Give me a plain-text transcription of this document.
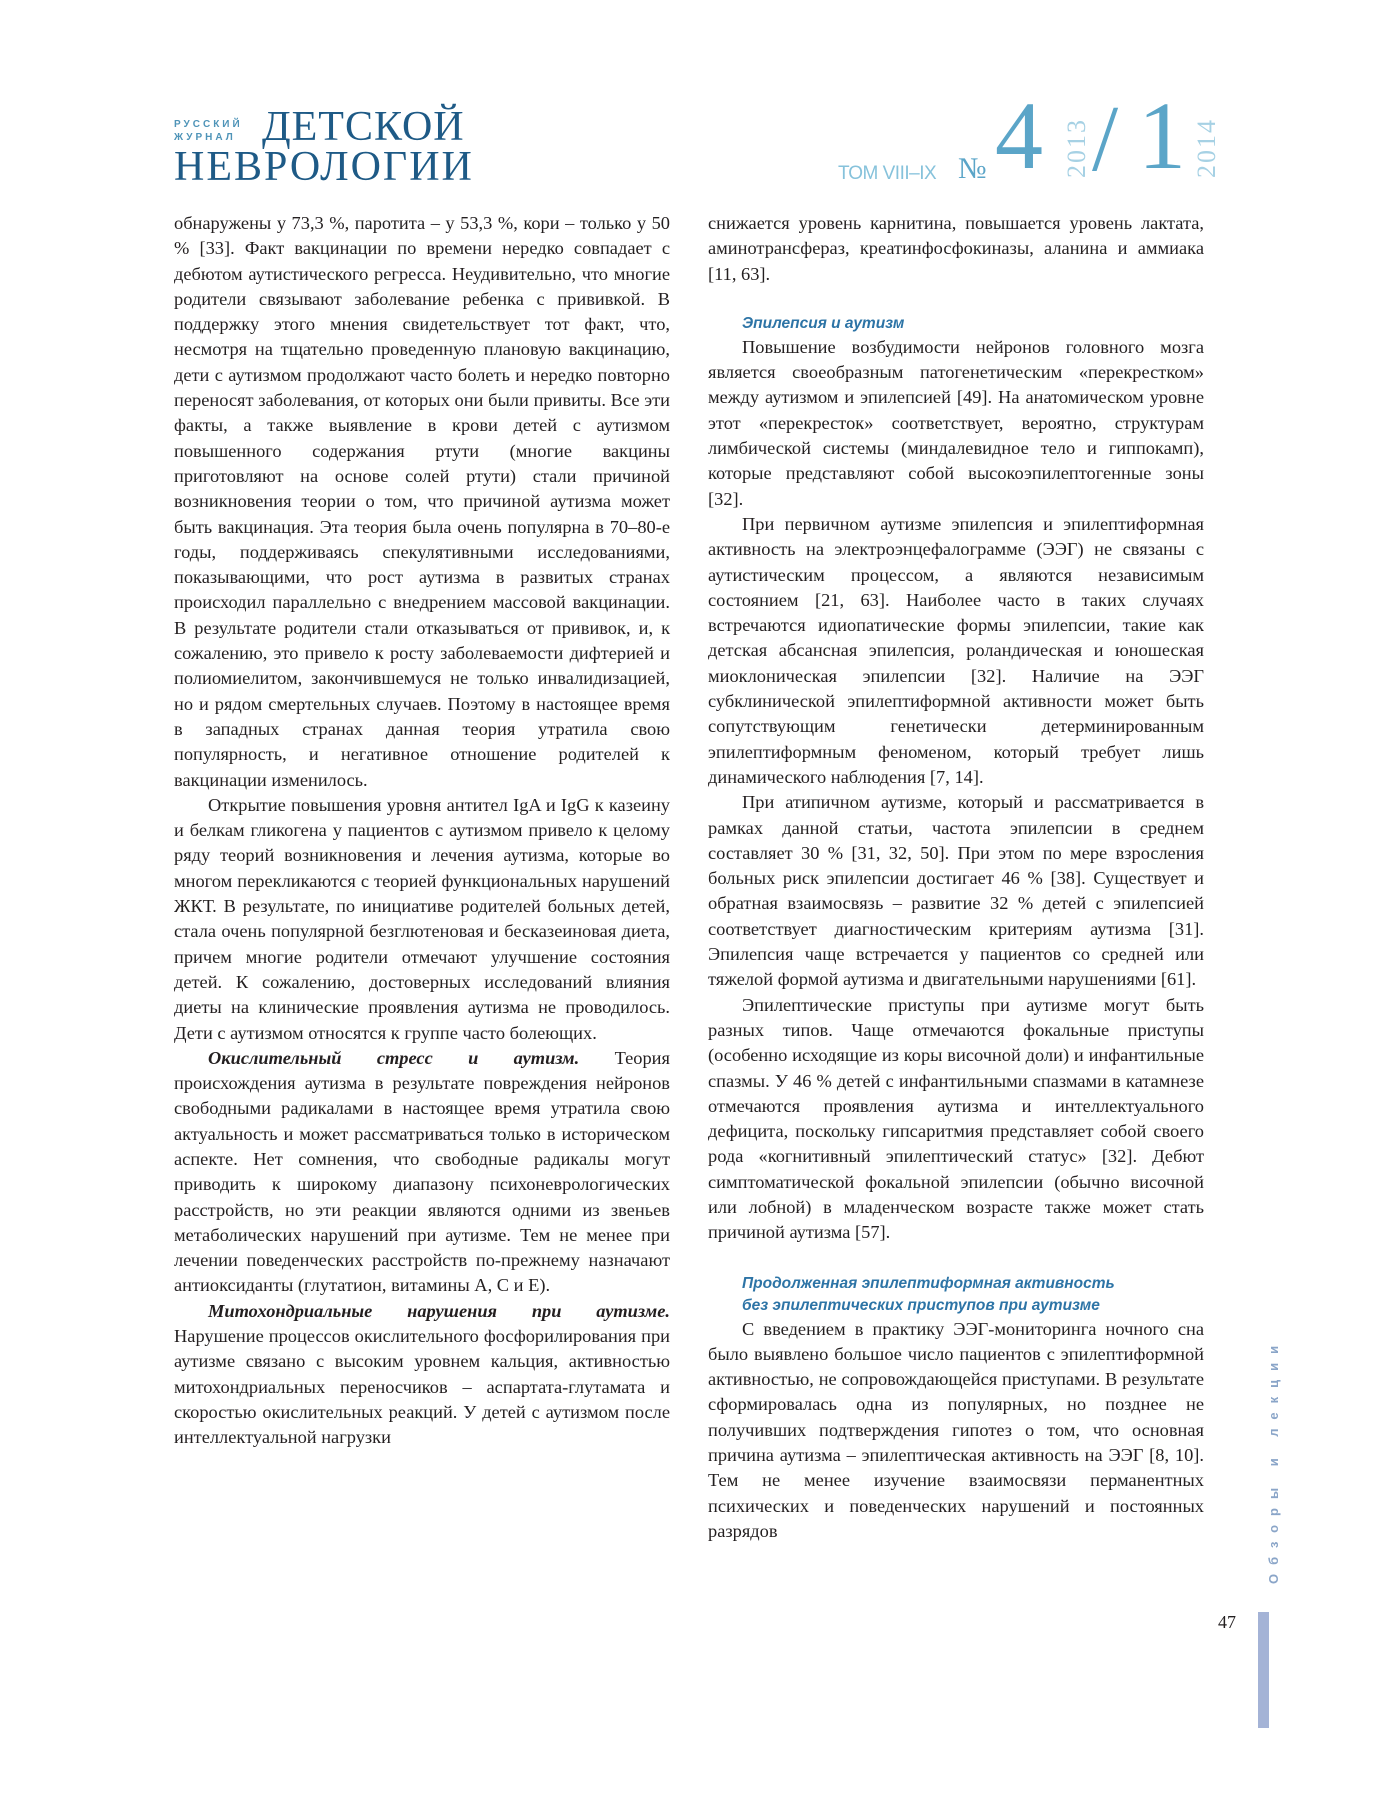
РУССКИЙ ЖУРНАЛ ДЕТСКОЙ
НЕВРОЛОГИИ	ТОМ VIII–IX № 4 2013 / 1 2014

обнаружены у 73,3 %, паротита – у 53,3 %, кори – только у 50 % [33]. Факт вакцинации по времени нередко совпадает с дебютом аутистического регресса. Неудивительно, что многие родители связывают заболевание ребенка с прививкой. В поддержку этого мнения свидетельствует тот факт, что, несмотря на тщательно проведенную плановую вакцинацию, дети с аутизмом продолжают часто болеть и нередко повторно переносят заболевания, от которых они были привиты. Все эти факты, а также выявление в крови детей с аутизмом повышенного содержания ртути (многие вакцины приготовляют на основе солей ртути) стали причиной возникновения теории о том, что причиной аутизма может быть вакцинация. Эта теория была очень популярна в 70–80-е годы, поддерживаясь спекулятивными исследованиями, показывающими, что рост аутизма в развитых странах происходил параллельно с внедрением массовой вакцинации. В результате родители стали отказываться от прививок, и, к сожалению, это привело к росту заболеваемости дифтерией и полиомиелитом, закончившемуся не только инвалидизацией, но и рядом смертельных случаев. Поэтому в настоящее время в западных странах данная теория утратила свою популярность, и негативное отношение родителей к вакцинации изменилось.

Открытие повышения уровня антител IgA и IgG к казеину и белкам гликогена у пациентов с аутизмом привело к целому ряду теорий возникновения и лечения аутизма, которые во многом перекликаются с теорией функциональных нарушений ЖКТ. В результате, по инициативе родителей больных детей, стала очень популярной безглютеновая и бесказеиновая диета, причем многие родители отмечают улучшение состояния детей. К сожалению, достоверных исследований влияния диеты на клинические проявления аутизма не проводилось. Дети с аутизмом относятся к группе часто болеющих.

Окислительный стресс и аутизм. Теория происхождения аутизма в результате повреждения нейронов свободными радикалами в настоящее время утратила свою актуальность и может рассматриваться только в историческом аспекте. Нет сомнения, что свободные радикалы могут приводить к широкому диапазону психоневрологических расстройств, но эти реакции являются одними из звеньев метаболических нарушений при аутизме. Тем не менее при лечении поведенческих расстройств по-прежнему назначают антиоксиданты (глутатион, витамины A, C и E).

Митохондриальные нарушения при аутизме. Нарушение процессов окислительного фосфорилирования при аутизме связано с высоким уровнем кальция, активностью митохондриальных переносчиков – аспартата-глутамата и скоростью окислительных реакций. У детей с аутизмом после интеллектуальной нагрузки

снижается уровень карнитина, повышается уровень лактата, аминотрансфераз, креатинфосфокиназы, аланина и аммиака [11, 63].

Эпилепсия и аутизм

Повышение возбудимости нейронов головного мозга является своеобразным патогенетическим «перекрестком» между аутизмом и эпилепсией [49]. На анатомическом уровне этот «перекресток» соответствует, вероятно, структурам лимбической системы (миндалевидное тело и гиппокамп), которые представляют собой высокоэпилептогенные зоны [32].

При первичном аутизме эпилепсия и эпилептиформная активность на электроэнцефалограмме (ЭЭГ) не связаны с аутистическим процессом, а являются независимым состоянием [21, 63]. Наиболее часто в таких случаях встречаются идиопатические формы эпилепсии, такие как детская абсансная эпилепсия, роландическая и юношеская миоклоническая эпилепсии [32]. Наличие на ЭЭГ субклинической эпилептиформной активности может быть сопутствующим генетически детерминированным эпилептиформным феноменом, который требует лишь динамического наблюдения [7, 14].

При атипичном аутизме, который и рассматривается в рамках данной статьи, частота эпилепсии в среднем составляет 30 % [31, 32, 50]. При этом по мере взросления больных риск эпилепсии достигает 46 % [38]. Существует и обратная взаимосвязь – развитие 32 % детей с эпилепсией соответствует диагностическим критериям аутизма [31]. Эпилепсия чаще встречается у пациентов со средней или тяжелой формой аутизма и двигательными нарушениями [61].

Эпилептические приступы при аутизме могут быть разных типов. Чаще отмечаются фокальные приступы (особенно исходящие из коры височной доли) и инфантильные спазмы. У 46 % детей с инфантильными спазмами в катамнезе отмечаются проявления аутизма и интеллектуального дефицита, поскольку гипсаритмия представляет собой своего рода «когнитивный эпилептический статус» [32]. Дебют симптоматической фокальной эпилепсии (обычно височной или лобной) в младенческом возрасте также может стать причиной аутизма [57].

Продолженная эпилептиформная активность
без эпилептических приступов при аутизме

С введением в практику ЭЭГ-мониторинга ночного сна было выявлено большое число пациентов с эпилептиформной активностью, не сопровождающейся приступами. В результате сформировалась одна из популярных, но позднее не получивших подтверждения гипотез о том, что основная причина аутизма – эпилептическая активность на ЭЭГ [8, 10]. Тем не менее изучение взаимосвязи перманентных психических и поведенческих нарушений и постоянных разрядов	Обзоры и лекции
47
